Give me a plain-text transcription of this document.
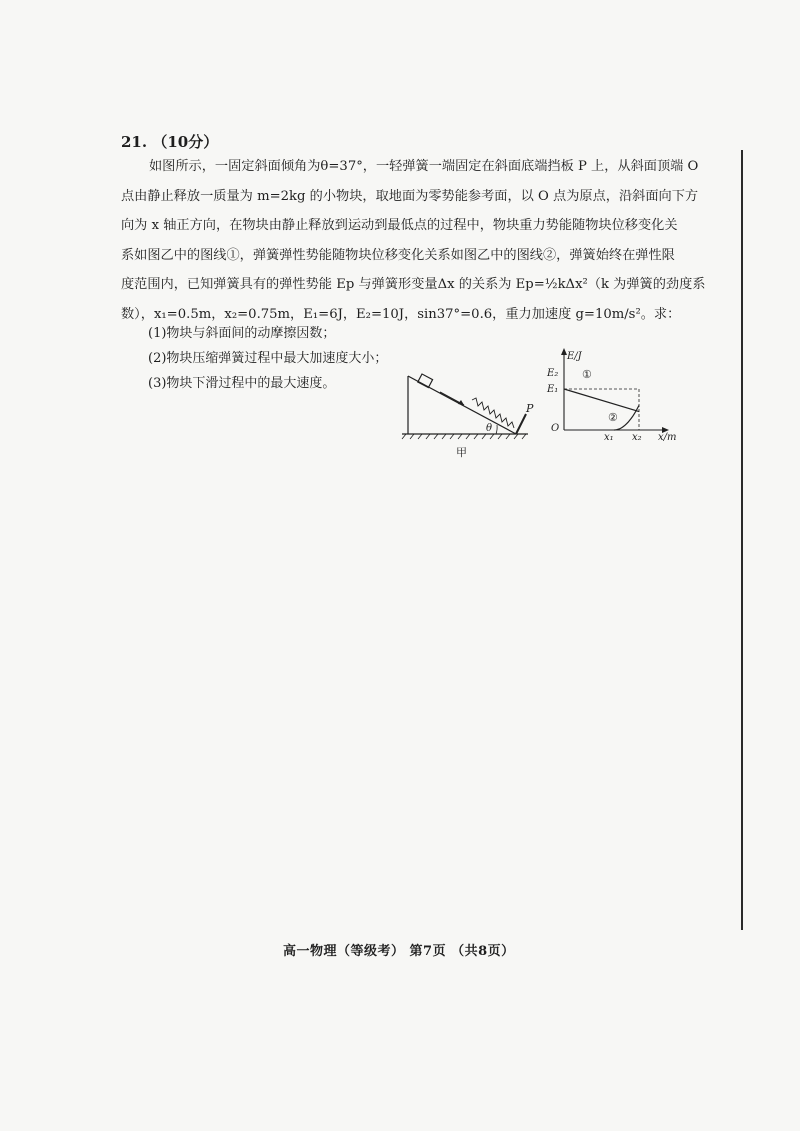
21. （10分）
如图所示，一固定斜面倾角为θ=37°，一轻弹簧一端固定在斜面底端挡板 P 上，从斜面顶端 O
点由静止释放一质量为 m=2kg 的小物块，取地面为零势能参考面，以 O 点为原点，沿斜面向下方
向为 x 轴正方向，在物块由静止释放到运动到最低点的过程中，物块重力势能随物块位移变化关
系如图乙中的图线①，弹簧弹性势能随物块位移变化关系如图乙中的图线②，弹簧始终在弹性限
度范围内，已知弹簧具有的弹性势能 Ep 与弹簧形变量Δx 的关系为 Ep=½kΔx²（k 为弹簧的劲度系
数），x₁=0.5m，x₂=0.75m，E₁=6J，E₂=10J，sin37°=0.6，重力加速度 g=10m/s²。求：
(1)物块与斜面间的动摩擦因数；
(2)物块压缩弹簧过程中最大加速度大小；
(3)物块下滑过程中的最大速度。
θ
P
甲
E/J
x/m
O
E₂
E₁
x₁ x₂
①
②
高一物理（等级考） 第7页 （共8页）
